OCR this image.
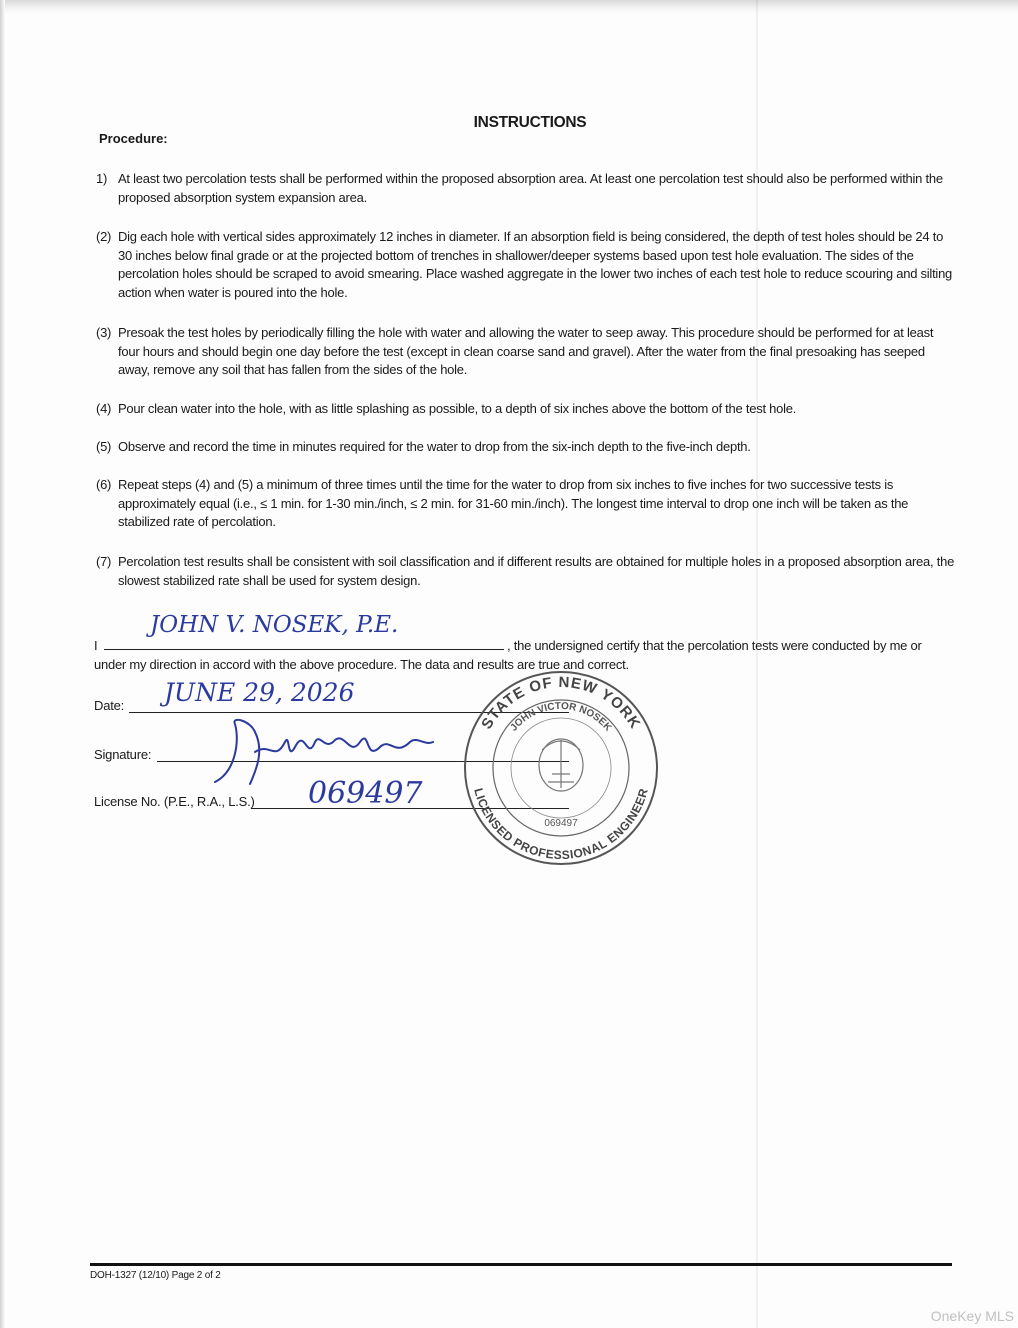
INSTRUCTIONS
Procedure:
1) At least two percolation tests shall be performed within the proposed absorption area. At least one percolation test should also be performed within the proposed absorption system expansion area.
(2) Dig each hole with vertical sides approximately 12 inches in diameter. If an absorption field is being considered, the depth of test holes should be 24 to 30 inches below final grade or at the projected bottom of trenches in shallower/deeper systems based upon test hole evaluation. The sides of the percolation holes should be scraped to avoid smearing. Place washed aggregate in the lower two inches of each test hole to reduce scouring and silting action when water is poured into the hole.
(3) Presoak the test holes by periodically filling the hole with water and allowing the water to seep away. This procedure should be performed for at least four hours and should begin one day before the test (except in clean coarse sand and gravel). After the water from the final presoaking has seeped away, remove any soil that has fallen from the sides of the hole.
(4) Pour clean water into the hole, with as little splashing as possible, to a depth of six inches above the bottom of the test hole.
(5) Observe and record the time in minutes required for the water to drop from the six-inch depth to the five-inch depth.
(6) Repeat steps (4) and (5) a minimum of three times until the time for the water to drop from six inches to five inches for two successive tests is approximately equal (i.e., ≤ 1 min. for 1-30 min./inch, ≤ 2 min. for 31-60 min./inch). The longest time interval to drop one inch will be taken as the stabilized rate of percolation.
(7) Percolation test results shall be consistent with soil classification and if different results are obtained for multiple holes in a proposed absorption area, the slowest stabilized rate shall be used for system design.
I	, the undersigned certify that the percolation tests were conducted by me or
under my direction in accord with the above procedure. The data and results are true and correct.
JOHN V. NOSEK, P.E.
Date: JUNE 29, 2026
Signature:
License No. (P.E., R.A., L.S.) 069497
STATE OF NEW YORK
LICENSED PROFESSIONAL ENGINEER
JOHN VICTOR NOSEK
069497
DOH-1327 (12/10) Page 2 of 2
OneKey MLS
